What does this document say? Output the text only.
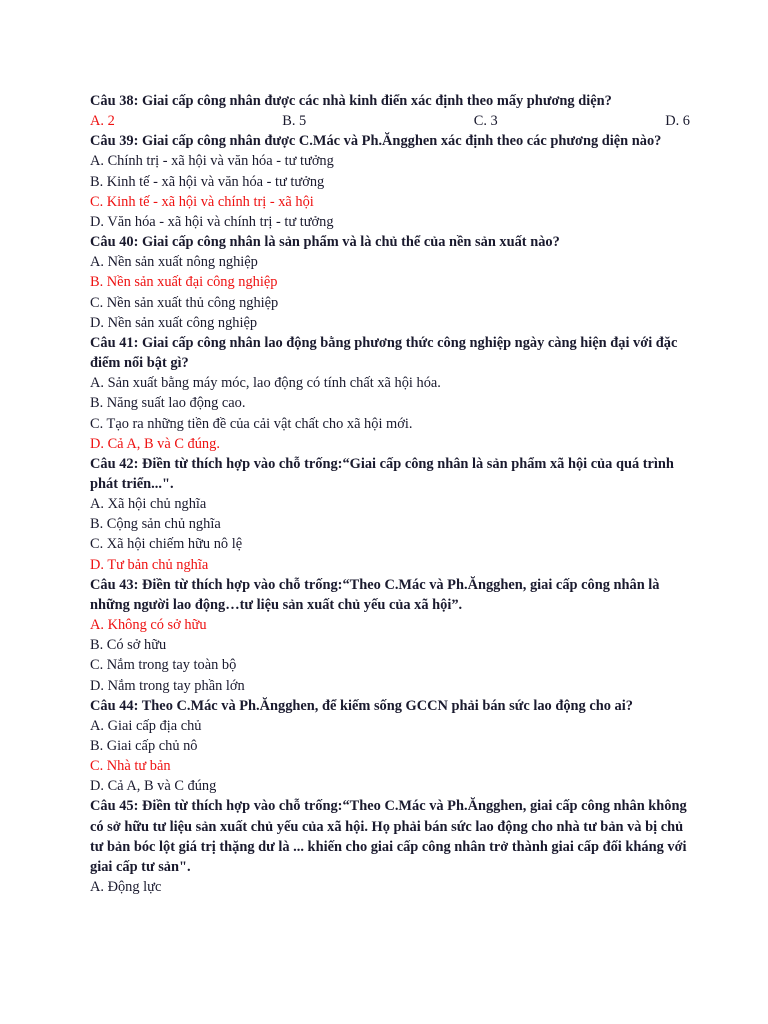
Câu 38: Giai cấp công nhân được các nhà kinh điển xác định theo mấy phương diện?
A. 2	B. 5	C. 3	D. 6
Câu 39: Giai cấp công nhân được C.Mác và Ph.Ăngghen xác định theo các phương diện nào?
A. Chính trị - xã hội và văn hóa - tư tưởng
B. Kinh tế - xã hội và văn hóa - tư tưởng
C. Kinh tế - xã hội và chính trị - xã hội
D. Văn hóa - xã hội và chính trị - tư tưởng
Câu 40: Giai cấp công nhân là sản phẩm và là chủ thể của nền sản xuất nào?
A. Nền sản xuất nông nghiệp
B. Nền sản xuất đại công nghiệp
C. Nền sản xuất thủ công nghiệp
D. Nền sản xuất công nghiệp
Câu 41: Giai cấp công nhân lao động bằng phương thức công nghiệp ngày càng hiện đại với đặc điểm nổi bật gì?
A. Sản xuất bằng máy móc, lao động có tính chất xã hội hóa.
B. Năng suất lao động cao.
C. Tạo ra những tiền đề của cải vật chất cho xã hội mới.
D. Cả A, B và C đúng.
Câu 42: Điền từ thích hợp vào chỗ trống:“Giai cấp công nhân là sản phẩm xã hội của quá trình phát triển...".
A. Xã hội chủ nghĩa
B. Cộng sản chủ nghĩa
C. Xã hội chiếm hữu nô lệ
D. Tư bản chủ nghĩa
Câu 43: Điền từ thích hợp vào chỗ trống:“Theo C.Mác và Ph.Ăngghen, giai cấp công nhân là những người lao động…tư liệu sản xuất chủ yếu của xã hội”.
A. Không có sở hữu
B. Có sở hữu
C. Nắm trong tay toàn bộ
D. Nắm trong tay phần lớn
Câu 44: Theo C.Mác và Ph.Ăngghen, để kiếm sống GCCN phải bán sức lao động cho ai?
A. Giai cấp địa chủ
B. Giai cấp chủ nô
C. Nhà tư bản
D. Cả A, B và C đúng
Câu 45: Điền từ thích hợp vào chỗ trống:“Theo C.Mác và Ph.Ăngghen, giai cấp công nhân không có sở hữu tư liệu sản xuất chủ yếu của xã hội. Họ phải bán sức lao động cho nhà tư bản và bị chủ tư bản bóc lột giá trị thặng dư là ... khiến cho giai cấp công nhân trở thành giai cấp đối kháng với giai cấp tư sản".
A. Động lực
